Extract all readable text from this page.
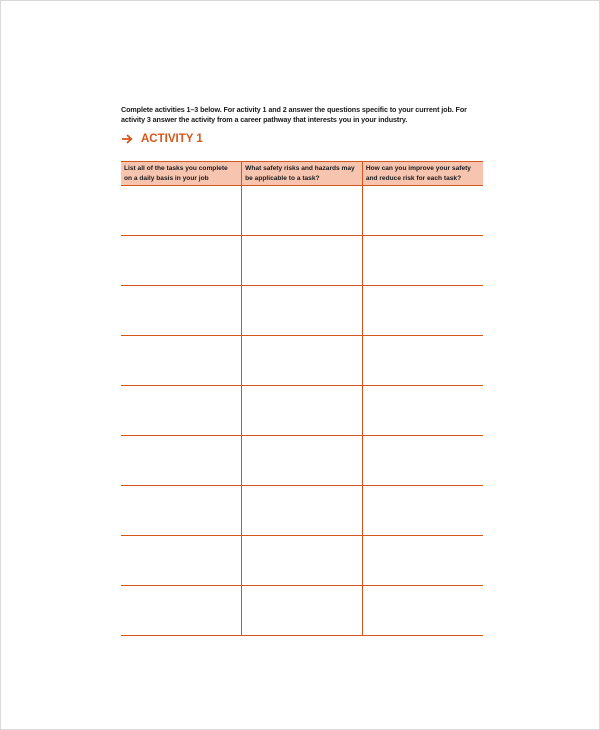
Complete activities 1–3 below. For activity 1 and 2 answer the questions specific to your current job. For activity 3 answer the activity from a career pathway that interests you in your industry.
ACTIVITY 1
List all of the tasks you complete on a daily basis in your job	What safety risks and hazards may be applicable to a task?	How can you improve your safety and reduce risk for each task?
